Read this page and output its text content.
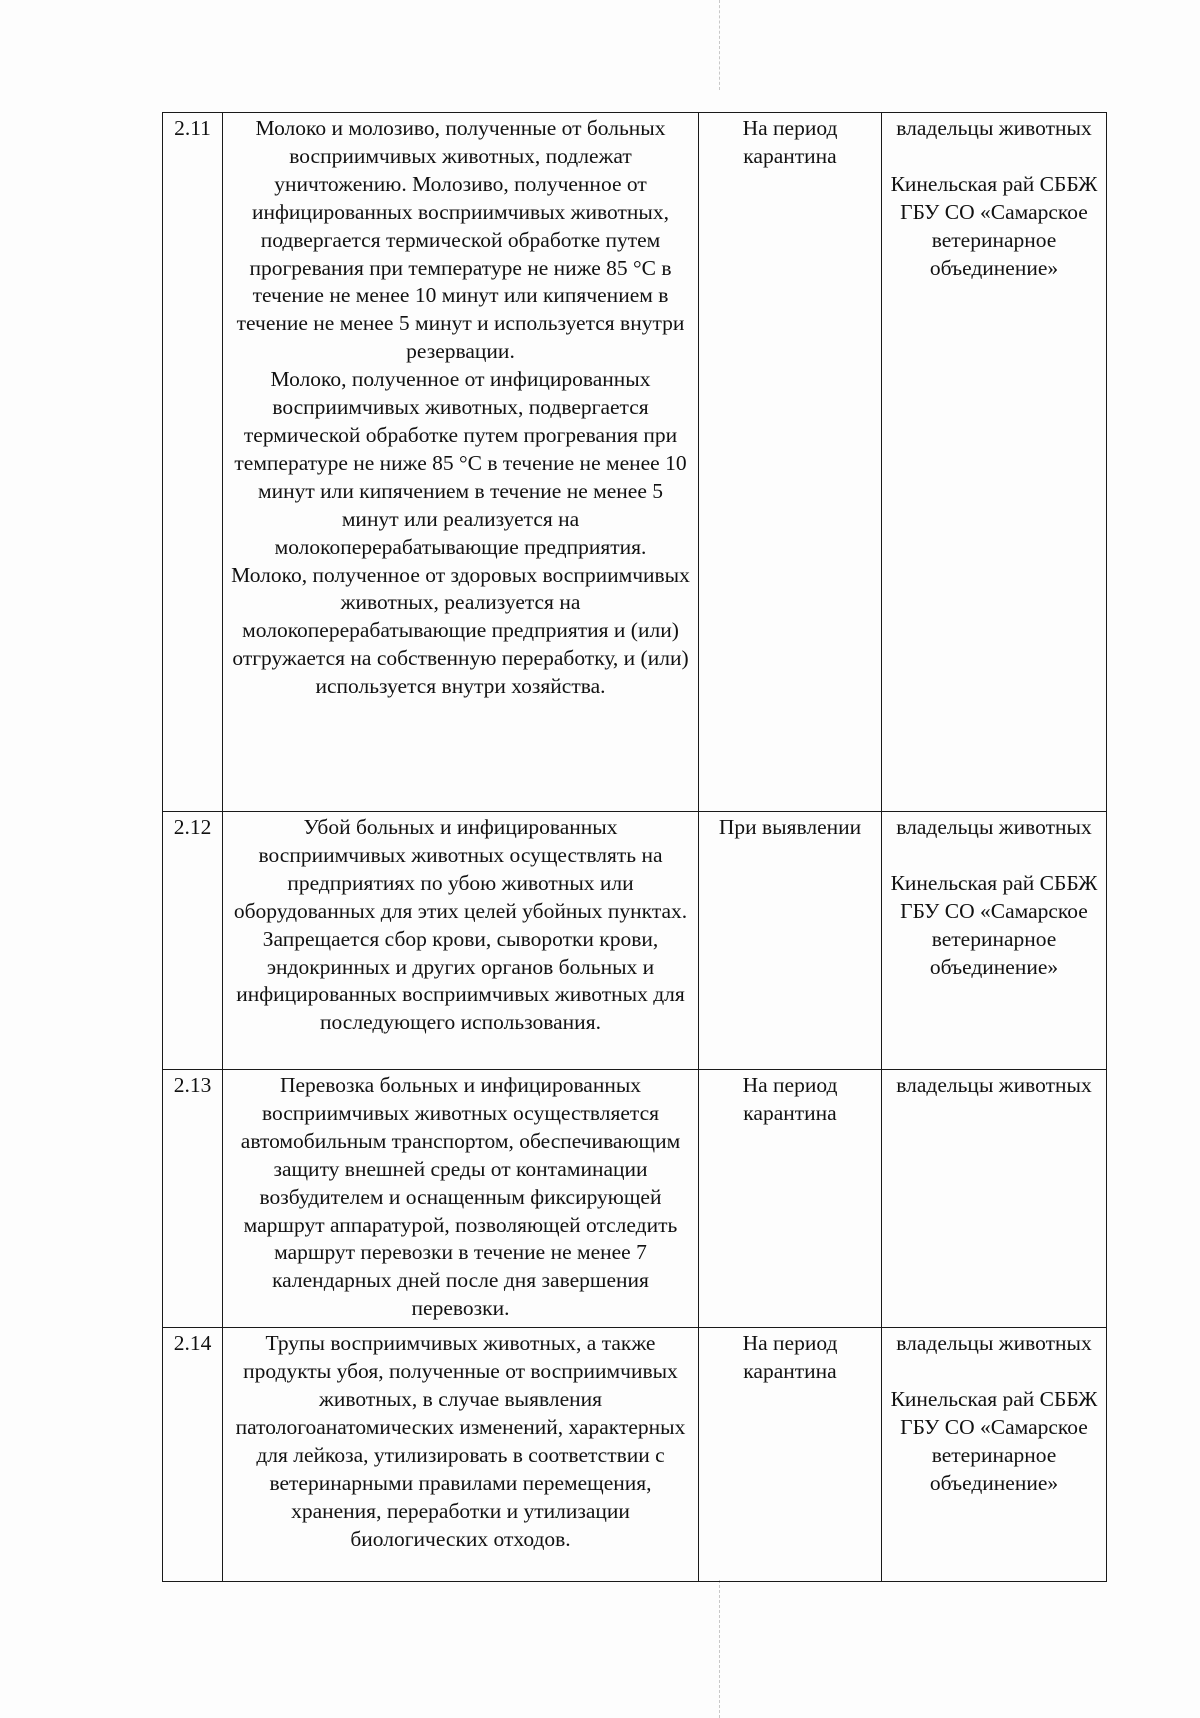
2.11	Молоко и молозиво, полученные от больных восприимчивых животных, подлежат уничтожению. Молозиво, полученное от инфицированных восприимчивых животных, подвергается термической обработке путем прогревания при температуре не ниже 85 °С в течение не менее 10 минут или кипячением в течение не менее 5 минут и используется внутри резервации.
Молоко, полученное от инфицированных восприимчивых животных, подвергается термической обработке путем прогревания при температуре не ниже 85 °С в течение не менее 10 минут или кипячением в течение не менее 5 минут или реализуется на молокоперерабатывающие предприятия.
Молоко, полученное от здоровых восприимчивых животных, реализуется на молокоперерабатывающие предприятия и (или) отгружается на собственную переработку, и (или) используется внутри хозяйства.	На период карантина	владельцы животных
Кинельская рай СББЖ ГБУ СО «Самарское ветеринарное объединение»

2.12	Убой больных и инфицированных восприимчивых животных осуществлять на предприятиях по убою животных или оборудованных для этих целей убойных пунктах. Запрещается сбор крови, сыворотки крови, эндокринных и других органов больных и инфицированных восприимчивых животных для последующего использования.	При выявлении	владельцы животных
Кинельская рай СББЖ ГБУ СО «Самарское ветеринарное объединение»

2.13	Перевозка больных и инфицированных восприимчивых животных осуществляется автомобильным транспортом, обеспечивающим защиту внешней среды от контаминации возбудителем и оснащенным фиксирующей маршрут аппаратурой, позволяющей отследить маршрут перевозки в течение не менее 7 календарных дней после дня завершения перевозки.	На период карантина	владельцы животных

2.14	Трупы восприимчивых животных, а также продукты убоя, полученные от восприимчивых животных, в случае выявления патологоанатомических изменений, характерных для лейкоза, утилизировать в соответствии с ветеринарными правилами перемещения, хранения, переработки и утилизации биологических отходов.	На период карантина	владельцы животных
Кинельская рай СББЖ ГБУ СО «Самарское ветеринарное объединение»
